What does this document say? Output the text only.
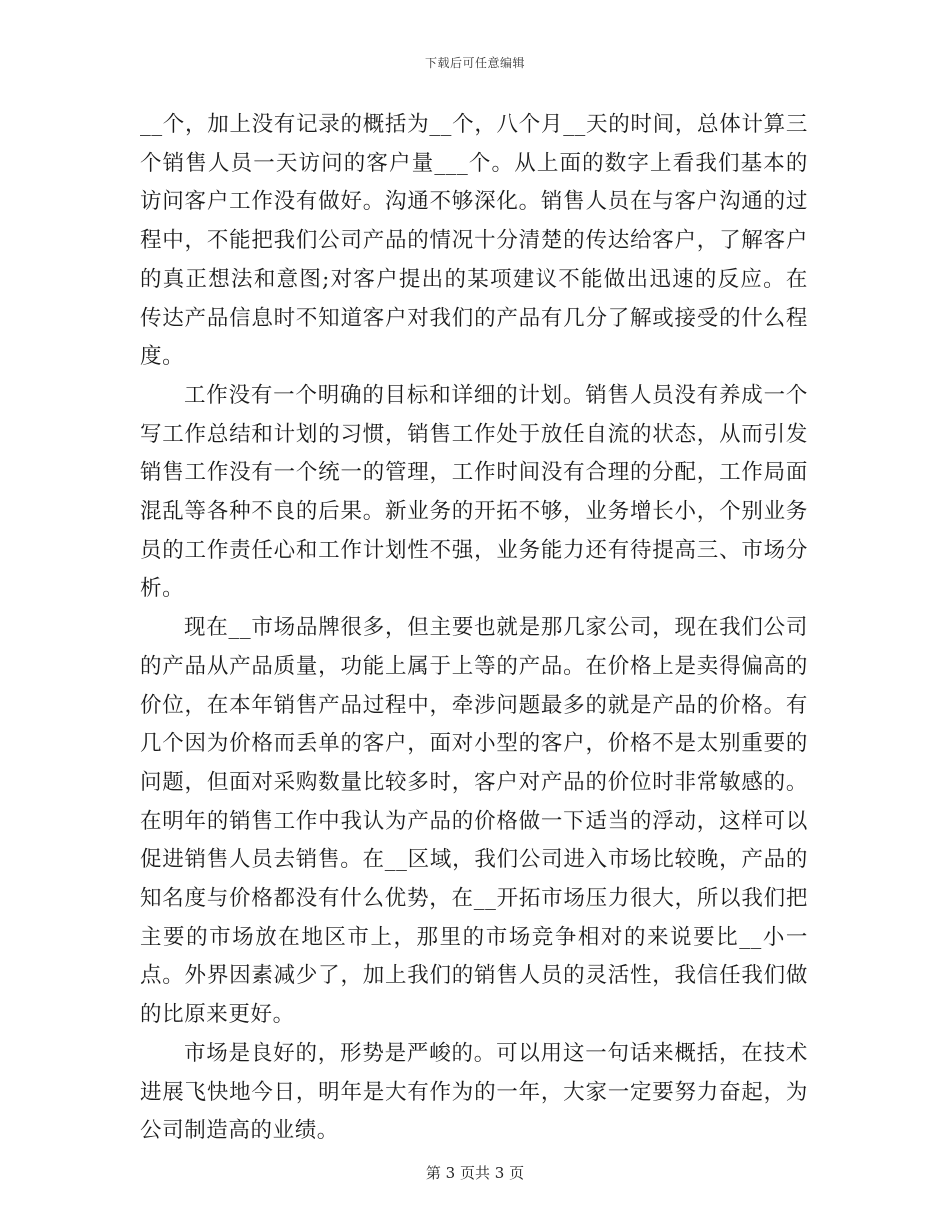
下载后可任意编辑

__个，加上没有记录的概括为__个，八个月__天的时间，总体计算三个销售人员一天访问的客户量___个。从上面的数字上看我们基本的访问客户工作没有做好。沟通不够深化。销售人员在与客户沟通的过程中，不能把我们公司产品的情况十分清楚的传达给客户，了解客户的真正想法和意图;对客户提出的某项建议不能做出迅速的反应。在传达产品信息时不知道客户对我们的产品有几分了解或接受的什么程度。

工作没有一个明确的目标和详细的计划。销售人员没有养成一个写工作总结和计划的习惯，销售工作处于放任自流的状态，从而引发销售工作没有一个统一的管理，工作时间没有合理的分配，工作局面混乱等各种不良的后果。新业务的开拓不够，业务增长小，个别业务员的工作责任心和工作计划性不强，业务能力还有待提高三、市场分析。

现在__市场品牌很多，但主要也就是那几家公司，现在我们公司的产品从产品质量，功能上属于上等的产品。在价格上是卖得偏高的价位，在本年销售产品过程中，牵涉问题最多的就是产品的价格。有几个因为价格而丢单的客户，面对小型的客户，价格不是太别重要的问题，但面对采购数量比较多时，客户对产品的价位时非常敏感的。在明年的销售工作中我认为产品的价格做一下适当的浮动，这样可以促进销售人员去销售。在__区域，我们公司进入市场比较晚，产品的知名度与价格都没有什么优势，在__开拓市场压力很大，所以我们把主要的市场放在地区市上，那里的市场竞争相对的来说要比__小一点。外界因素减少了，加上我们的销售人员的灵活性，我信任我们做的比原来更好。

市场是良好的，形势是严峻的。可以用这一句话来概括，在技术进展飞快地今日，明年是大有作为的一年，大家一定要努力奋起，为公司制造高的业绩。

第 3 页共 3 页
